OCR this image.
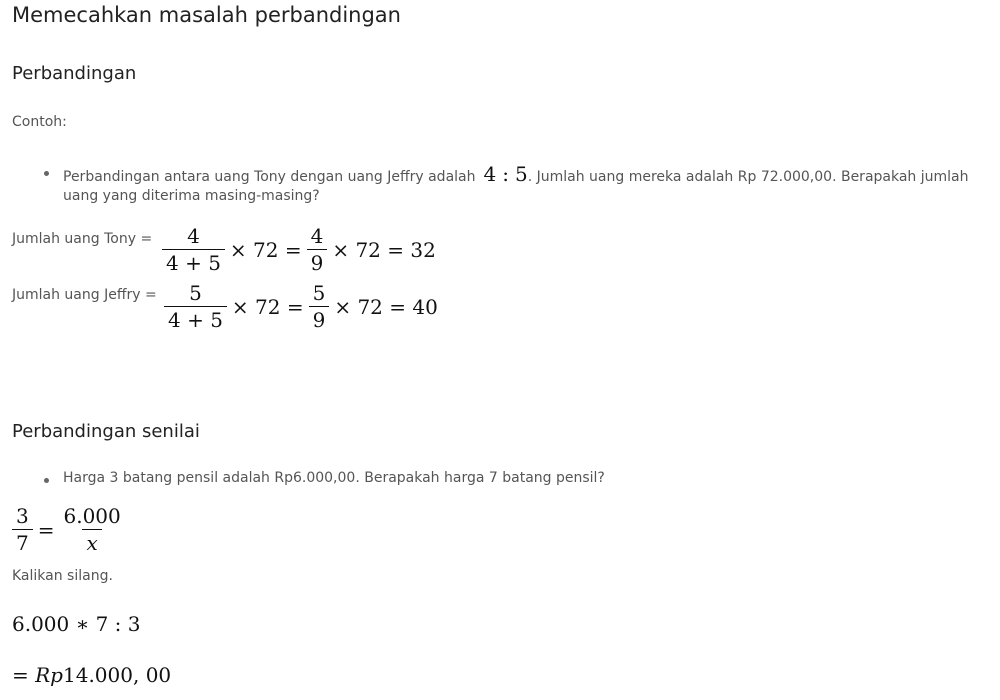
Memecahkan masalah perbandingan
Perbandingan
Contoh:
Perbandingan antara uang Tony dengan uang Jeffry adalah 4 : 5 . Jumlah uang mereka adalah Rp 72.000,00. Berapakah jumlah
uang yang diterima masing-masing?
Jumlah uang Tony = $\frac{4}{4 + 5} \times 72 = \frac{4}{9} \times 72 = 32$
Jumlah uang Jeffry = $\frac{5}{4 + 5} \times 72 = \frac{5}{9} \times 72 = 40$
Perbandingan senilai
Harga 3 batang pensil adalah Rp6.000,00. Berapakah harga 7 batang pensil?
$\frac{3}{7} = \frac{6.000}{x}$
Kalikan silang.
6.000 ∗ 7 : 3
= Rp14.000, 00
